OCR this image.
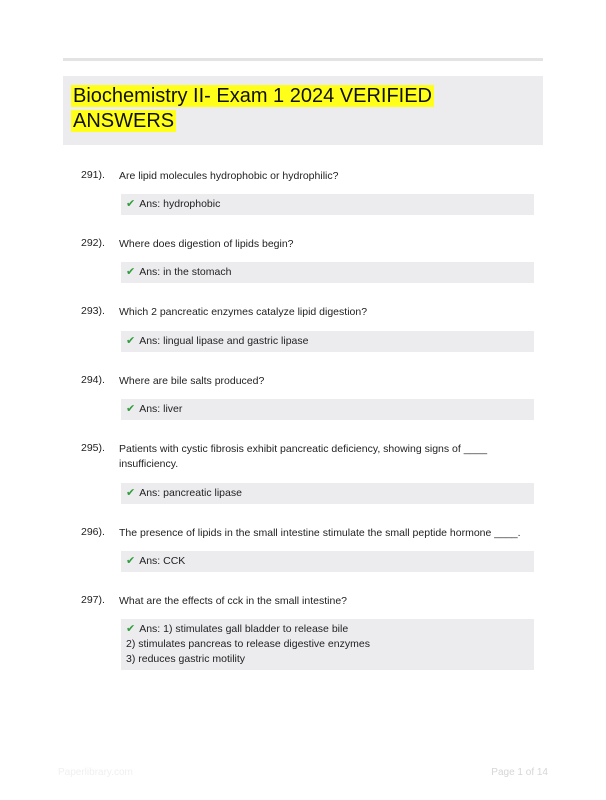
Biochemistry II- Exam 1 2024 VERIFIED ANSWERS
291). Are lipid molecules hydrophobic or hydrophilic?
✔ Ans: hydrophobic
292). Where does digestion of lipids begin?
✔ Ans: in the stomach
293). Which 2 pancreatic enzymes catalyze lipid digestion?
✔ Ans: lingual lipase and gastric lipase
294). Where are bile salts produced?
✔ Ans: liver
295). Patients with cystic fibrosis exhibit pancreatic deficiency, showing signs of ____ insufficiency.
✔ Ans: pancreatic lipase
296). The presence of lipids in the small intestine stimulate the small peptide hormone ____.
✔ Ans: CCK
297). What are the effects of cck in the small intestine?
✔ Ans: 1) stimulates gall bladder to release bile
2) stimulates pancreas to release digestive enzymes
3) reduces gastric motility
Paperlibrary.com	Page 1 of 14
